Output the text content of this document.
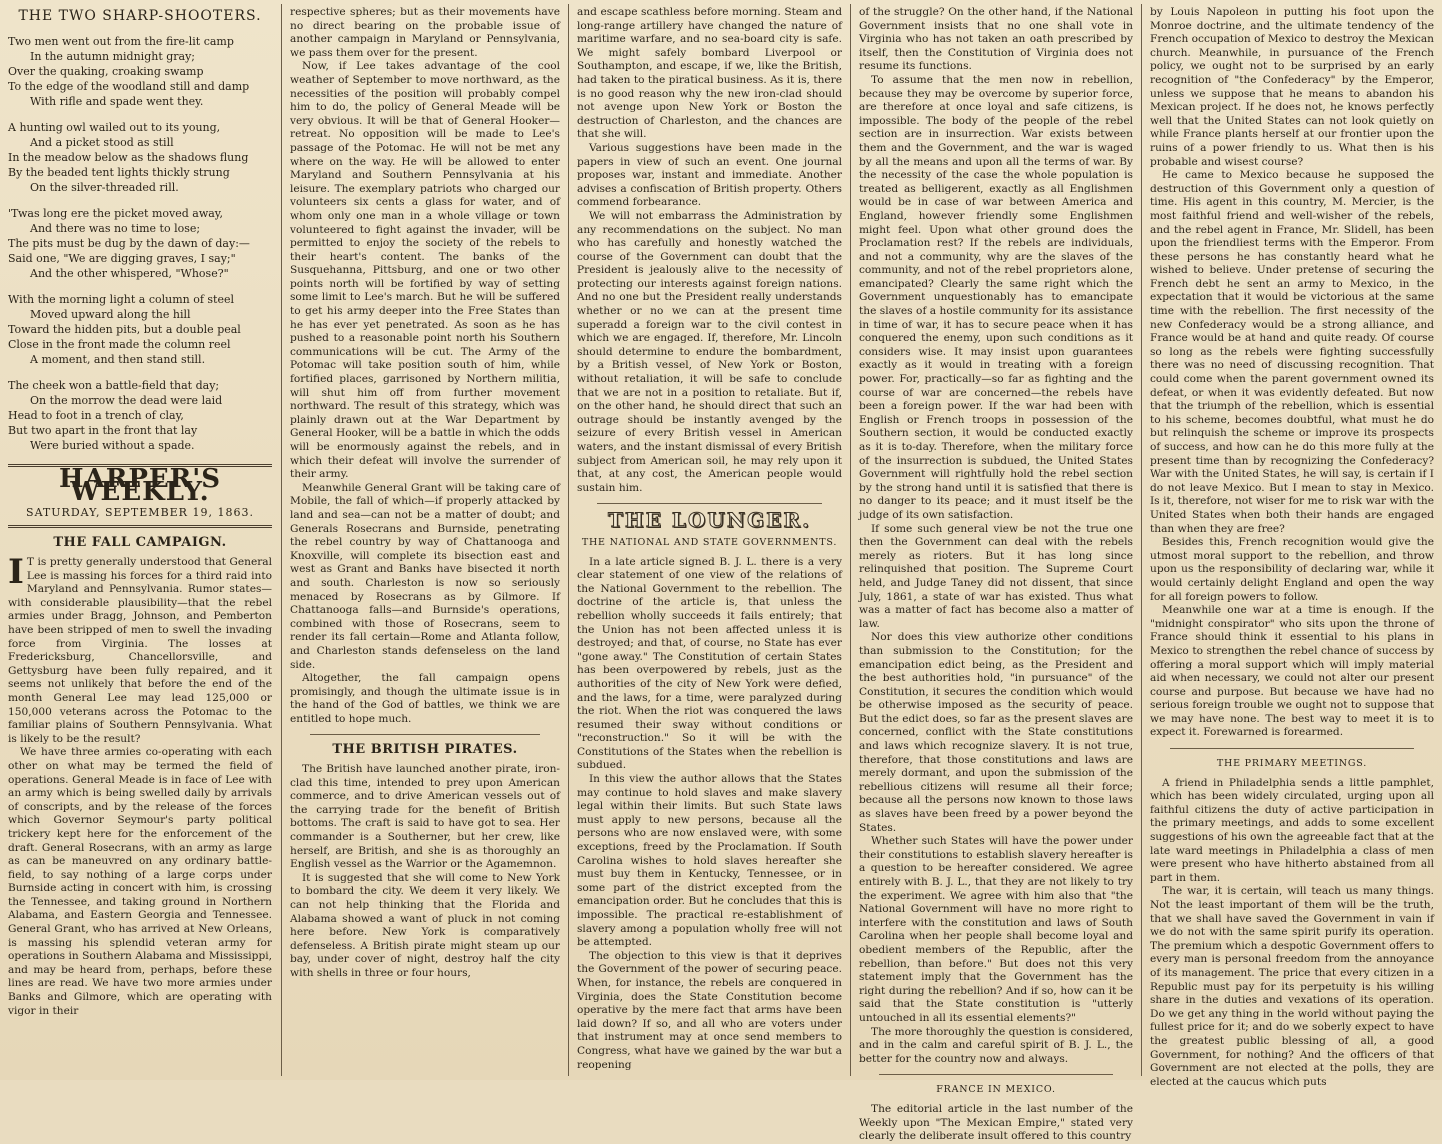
THE TWO SHARP-SHOOTERS.
Two men went out from the fire-lit camp
In the autumn midnight gray;
Over the quaking, croaking swamp
To the edge of the woodland still and damp
With rifle and spade went they.
A hunting owl wailed out to its young,
And a picket stood as still
In the meadow below as the shadows flung
By the beaded tent lights thickly strung
On the silver-threaded rill.
'Twas long ere the picket moved away,
And there was no time to lose;
The pits must be dug by the dawn of day:—
Said one, "We are digging graves, I say;"
And the other whispered, "Whose?"
With the morning light a column of steel
Moved upward along the hill
Toward the hidden pits, but a double peal
Close in the front made the column reel
A moment, and then stand still.
The cheek won a battle-field that day;
On the morrow the dead were laid
Head to foot in a trench of clay,
But two apart in the front that lay
Were buried without a spade.
HARPER'S WEEKLY.
SATURDAY, SEPTEMBER 19, 1863.
THE FALL CAMPAIGN.

I T is pretty generally understood that General Lee is massing his forces for a third raid into Maryland and Pennsylvania. Rumor states—with considerable plausibility—that the rebel armies under Bragg, Johnson, and Pemberton have been stripped of men to swell the invading force from Virginia. The losses at Fredericksburg, Chancellorsville, and Gettysburg have been fully repaired, and it seems not unlikely that before the end of the month General Lee may lead 125,000 or 150,000 veterans across the Potomac to the familiar plains of Southern Pennsylvania. What is likely to be the result?

We have three armies co-operating with each other on what may be termed the field of operations. General Meade is in face of Lee with an army which is being swelled daily by arrivals of conscripts, and by the release of the forces which Governor Seymour's party political trickery kept here for the enforcement of the draft. General Rosecrans, with an army as large as can be maneuvred on any ordinary battle-field, to say nothing of a large corps under Burnside acting in concert with him, is crossing the Tennessee, and taking ground in Northern Alabama, and Eastern Georgia and Tennessee. General Grant, who has arrived at New Orleans, is massing his splendid veteran army for operations in Southern Alabama and Mississippi, and may be heard from, perhaps, before these lines are read. We have two more armies under Banks and Gilmore, which are operating with vigor in their

respective spheres; but as their movements have no direct bearing on the probable issue of another campaign in Maryland or Pennsylvania, we pass them over for the present.

Now, if Lee takes advantage of the cool weather of September to move northward, as the necessities of the position will probably compel him to do, the policy of General Meade will be very obvious. It will be that of General Hooker—retreat. No opposition will be made to Lee's passage of the Potomac. He will not be met any where on the way. He will be allowed to enter Maryland and Southern Pennsylvania at his leisure. The exemplary patriots who charged our volunteers six cents a glass for water, and of whom only one man in a whole village or town volunteered to fight against the invader, will be permitted to enjoy the society of the rebels to their heart's content. The banks of the Susquehanna, Pittsburg, and one or two other points north will be fortified by way of setting some limit to Lee's march. But he will be suffered to get his army deeper into the Free States than he has ever yet penetrated. As soon as he has pushed to a reasonable point north his Southern communications will be cut. The Army of the Potomac will take position south of him, while fortified places, garrisoned by Northern militia, will shut him off from further movement northward. The result of this strategy, which was plainly drawn out at the War Department by General Hooker, will be a battle in which the odds will be enormously against the rebels, and in which their defeat will involve the surrender of their army.

Meanwhile General Grant will be taking care of Mobile, the fall of which—if properly attacked by land and sea—can not be a matter of doubt; and Generals Rosecrans and Burnside, penetrating the rebel country by way of Chattanooga and Knoxville, will complete its bisection east and west as Grant and Banks have bisected it north and south. Charleston is now so seriously menaced by Rosecrans as by Gilmore. If Chattanooga falls—and Burnside's operations, combined with those of Rosecrans, seem to render its fall certain—Rome and Atlanta follow, and Charleston stands defenseless on the land side.

Altogether, the fall campaign opens promisingly, and though the ultimate issue is in the hand of the God of battles, we think we are entitled to hope much.

THE BRITISH PIRATES.

The British have launched another pirate, iron-clad this time, intended to prey upon American commerce, and to drive American vessels out of the carrying trade for the benefit of British bottoms. The craft is said to have got to sea. Her commander is a Southerner, but her crew, like herself, are British, and she is as thoroughly an English vessel as the Warrior or the Agamemnon.

It is suggested that she will come to New York to bombard the city. We deem it very likely. We can not help thinking that the Florida and Alabama showed a want of pluck in not coming here before. New York is comparatively defenseless. A British pirate might steam up our bay, under cover of night, destroy half the city with shells in three or four hours,

and escape scathless before morning. Steam and long-range artillery have changed the nature of maritime warfare, and no sea-board city is safe. We might safely bombard Liverpool or Southampton, and escape, if we, like the British, had taken to the piratical business. As it is, there is no good reason why the new iron-clad should not avenge upon New York or Boston the destruction of Charleston, and the chances are that she will.

Various suggestions have been made in the papers in view of such an event. One journal proposes war, instant and immediate. Another advises a confiscation of British property. Others commend forbearance.

We will not embarrass the Administration by any recommendations on the subject. No man who has carefully and honestly watched the course of the Government can doubt that the President is jealously alive to the necessity of protecting our interests against foreign nations. And no one but the President really understands whether or no we can at the present time superadd a foreign war to the civil contest in which we are engaged. If, therefore, Mr. Lincoln should determine to endure the bombardment, by a British vessel, of New York or Boston, without retaliation, it will be safe to conclude that we are not in a position to retaliate. But if, on the other hand, he should direct that such an outrage should be instantly avenged by the seizure of every British vessel in American waters, and the instant dismissal of every British subject from American soil, he may rely upon it that, at any cost, the American people would sustain him.

THE LOUNGER.
THE NATIONAL AND STATE GOVERNMENTS.

In a late article signed B. J. L. there is a very clear statement of one view of the relations of the National Government to the rebellion. The doctrine of the article is, that unless the rebellion wholly succeeds it fails entirely; that the Union has not been affected unless it is destroyed; and that, of course, no State has ever "gone away." The Constitution of certain States has been overpowered by rebels, just as the authorities of the city of New York were defied, and the laws, for a time, were paralyzed during the riot. When the riot was conquered the laws resumed their sway without conditions or "reconstruction." So it will be with the Constitutions of the States when the rebellion is subdued.

In this view the author allows that the States may continue to hold slaves and make slavery legal within their limits. But such State laws must apply to new persons, because all the persons who are now enslaved were, with some exceptions, freed by the Proclamation. If South Carolina wishes to hold slaves hereafter she must buy them in Kentucky, Tennessee, or in some part of the district excepted from the emancipation order. But he concludes that this is impossible. The practical re-establishment of slavery among a population wholly free will not be attempted.

The objection to this view is that it deprives the Government of the power of securing peace. When, for instance, the rebels are conquered in Virginia, does the State Constitution become operative by the mere fact that arms have been laid down? If so, and all who are voters under that instrument may at once send members to Congress, what have we gained by the war but a reopening

of the struggle? On the other hand, if the National Government insists that no one shall vote in Virginia who has not taken an oath prescribed by itself, then the Constitution of Virginia does not resume its functions.

To assume that the men now in rebellion, because they may be overcome by superior force, are therefore at once loyal and safe citizens, is impossible. The body of the people of the rebel section are in insurrection. War exists between them and the Government, and the war is waged by all the means and upon all the terms of war. By the necessity of the case the whole population is treated as belligerent, exactly as all Englishmen would be in case of war between America and England, however friendly some Englishmen might feel. Upon what other ground does the Proclamation rest? If the rebels are individuals, and not a community, why are the slaves of the community, and not of the rebel proprietors alone, emancipated? Clearly the same right which the Government unquestionably has to emancipate the slaves of a hostile community for its assistance in time of war, it has to secure peace when it has conquered the enemy, upon such conditions as it considers wise. It may insist upon guarantees exactly as it would in treating with a foreign power. For, practically—so far as fighting and the course of war are concerned—the rebels have been a foreign power. If the war had been with English or French troops in possession of the Southern section, it would be conducted exactly as it is to-day. Therefore, when the military force of the insurrection is subdued, the United States Government will rightfully hold the rebel section by the strong hand until it is satisfied that there is no danger to its peace; and it must itself be the judge of its own satisfaction.

If some such general view be not the true one then the Government can deal with the rebels merely as rioters. But it has long since relinquished that position. The Supreme Court held, and Judge Taney did not dissent, that since July, 1861, a state of war has existed. Thus what was a matter of fact has become also a matter of law.

Nor does this view authorize other conditions than submission to the Constitution; for the emancipation edict being, as the President and the best authorities hold, "in pursuance" of the Constitution, it secures the condition which would be otherwise imposed as the security of peace. But the edict does, so far as the present slaves are concerned, conflict with the State constitutions and laws which recognize slavery. It is not true, therefore, that those constitutions and laws are merely dormant, and upon the submission of the rebellious citizens will resume all their force; because all the persons now known to those laws as slaves have been freed by a power beyond the States.

Whether such States will have the power under their constitutions to establish slavery hereafter is a question to be hereafter considered. We agree entirely with B. J. L., that they are not likely to try the experiment. We agree with him also that "the National Government will have no more right to interfere with the constitution and laws of South Carolina when her people shall become loyal and obedient members of the Republic, after the rebellion, than before." But does not this very statement imply that the Government has the right during the rebellion? And if so, how can it be said that the State constitution is "utterly untouched in all its essential elements?"

The more thoroughly the question is considered, and in the calm and careful spirit of B. J. L., the better for the country now and always.

FRANCE IN MEXICO.

The editorial article in the last number of the Weekly upon "The Mexican Empire," stated very clearly the deliberate insult offered to this country

by Louis Napoleon in putting his foot upon the Monroe doctrine, and the ultimate tendency of the French occupation of Mexico to destroy the Mexican church. Meanwhile, in pursuance of the French policy, we ought not to be surprised by an early recognition of "the Confederacy" by the Emperor, unless we suppose that he means to abandon his Mexican project. If he does not, he knows perfectly well that the United States can not look quietly on while France plants herself at our frontier upon the ruins of a power friendly to us. What then is his probable and wisest course?

He came to Mexico because he supposed the destruction of this Government only a question of time. His agent in this country, M. Mercier, is the most faithful friend and well-wisher of the rebels, and the rebel agent in France, Mr. Slidell, has been upon the friendliest terms with the Emperor. From these persons he has constantly heard what he wished to believe. Under pretense of securing the French debt he sent an army to Mexico, in the expectation that it would be victorious at the same time with the rebellion. The first necessity of the new Confederacy would be a strong alliance, and France would be at hand and quite ready. Of course so long as the rebels were fighting successfully there was no need of discussing recognition. That could come when the parent government owned its defeat, or when it was evidently defeated. But now that the triumph of the rebellion, which is essential to his scheme, becomes doubtful, what must he do but relinquish the scheme or improve its prospects of success, and how can he do this more fully at the present time than by recognizing the Confederacy? War with the United States, he will say, is certain if I do not leave Mexico. But I mean to stay in Mexico. Is it, therefore, not wiser for me to risk war with the United States when both their hands are engaged than when they are free?

Besides this, French recognition would give the utmost moral support to the rebellion, and throw upon us the responsibility of declaring war, while it would certainly delight England and open the way for all foreign powers to follow.

Meanwhile one war at a time is enough. If the "midnight conspirator" who sits upon the throne of France should think it essential to his plans in Mexico to strengthen the rebel chance of success by offering a moral support which will imply material aid when necessary, we could not alter our present course and purpose. But because we have had no serious foreign trouble we ought not to suppose that we may have none. The best way to meet it is to expect it. Forewarned is forearmed.

THE PRIMARY MEETINGS.

A friend in Philadelphia sends a little pamphlet, which has been widely circulated, urging upon all faithful citizens the duty of active participation in the primary meetings, and adds to some excellent suggestions of his own the agreeable fact that at the late ward meetings in Philadelphia a class of men were present who have hitherto abstained from all part in them.

The war, it is certain, will teach us many things. Not the least important of them will be the truth, that we shall have saved the Government in vain if we do not with the same spirit purify its operation. The premium which a despotic Government offers to every man is personal freedom from the annoyance of its management. The price that every citizen in a Republic must pay for its perpetuity is his willing share in the duties and vexations of its operation. Do we get any thing in the world without paying the fullest price for it; and do we soberly expect to have the greatest public blessing of all, a good Government, for nothing? And the officers of that Government are not elected at the polls, they are elected at the caucus which puts
